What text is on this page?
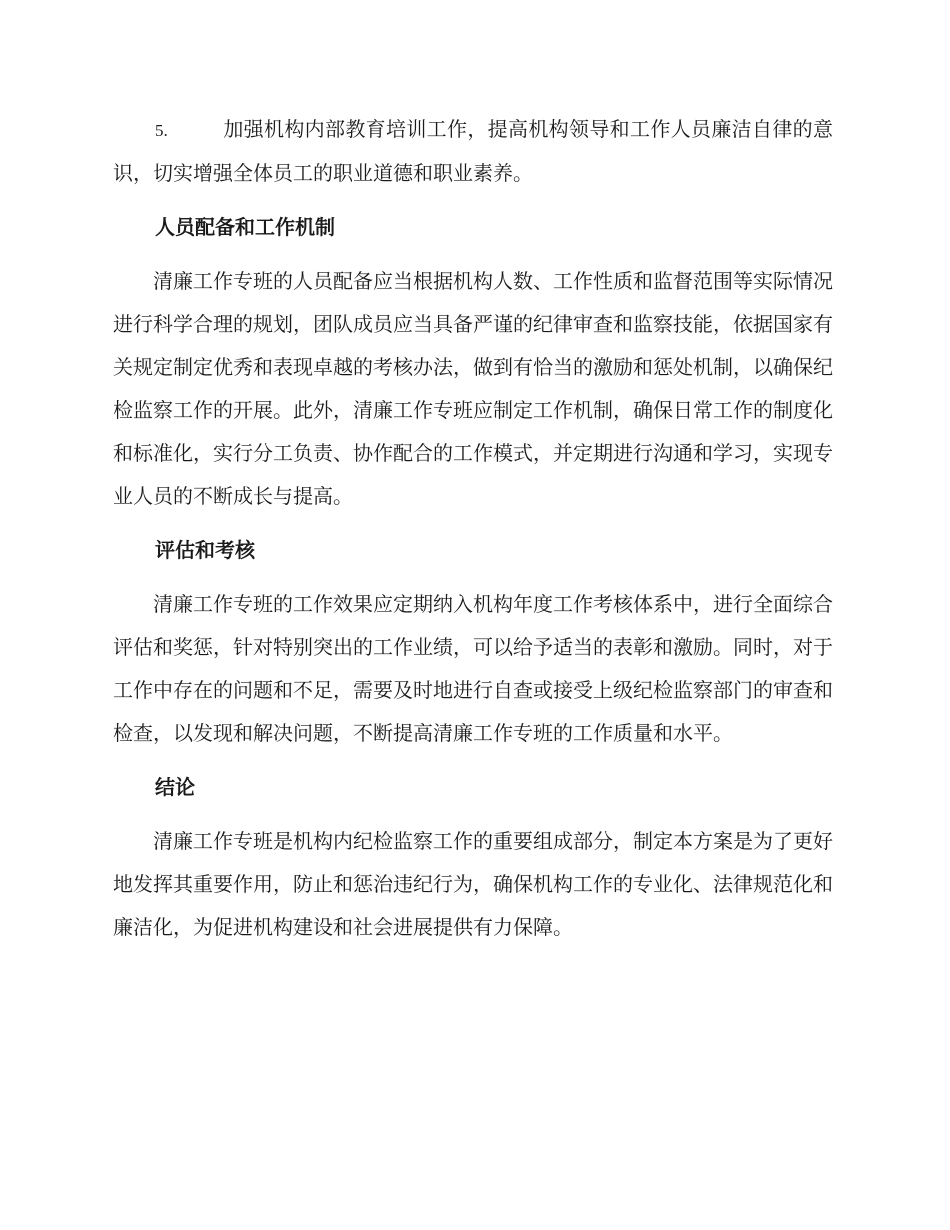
5.	加强机构内部教育培训工作，提高机构领导和工作人员廉洁自律的意识，切实增强全体员工的职业道德和职业素养。

人员配备和工作机制

清廉工作专班的人员配备应当根据机构人数、工作性质和监督范围等实际情况进行科学合理的规划，团队成员应当具备严谨的纪律审查和监察技能，依据国家有关规定制定优秀和表现卓越的考核办法，做到有恰当的激励和惩处机制，以确保纪检监察工作的开展。此外，清廉工作专班应制定工作机制，确保日常工作的制度化和标准化，实行分工负责、协作配合的工作模式，并定期进行沟通和学习，实现专业人员的不断成长与提高。

评估和考核

清廉工作专班的工作效果应定期纳入机构年度工作考核体系中，进行全面综合评估和奖惩，针对特别突出的工作业绩，可以给予适当的表彰和激励。同时，对于工作中存在的问题和不足，需要及时地进行自查或接受上级纪检监察部门的审查和检查，以发现和解决问题，不断提高清廉工作专班的工作质量和水平。

结论

清廉工作专班是机构内纪检监察工作的重要组成部分，制定本方案是为了更好地发挥其重要作用，防止和惩治违纪行为，确保机构工作的专业化、法律规范化和廉洁化，为促进机构建设和社会进展提供有力保障。
